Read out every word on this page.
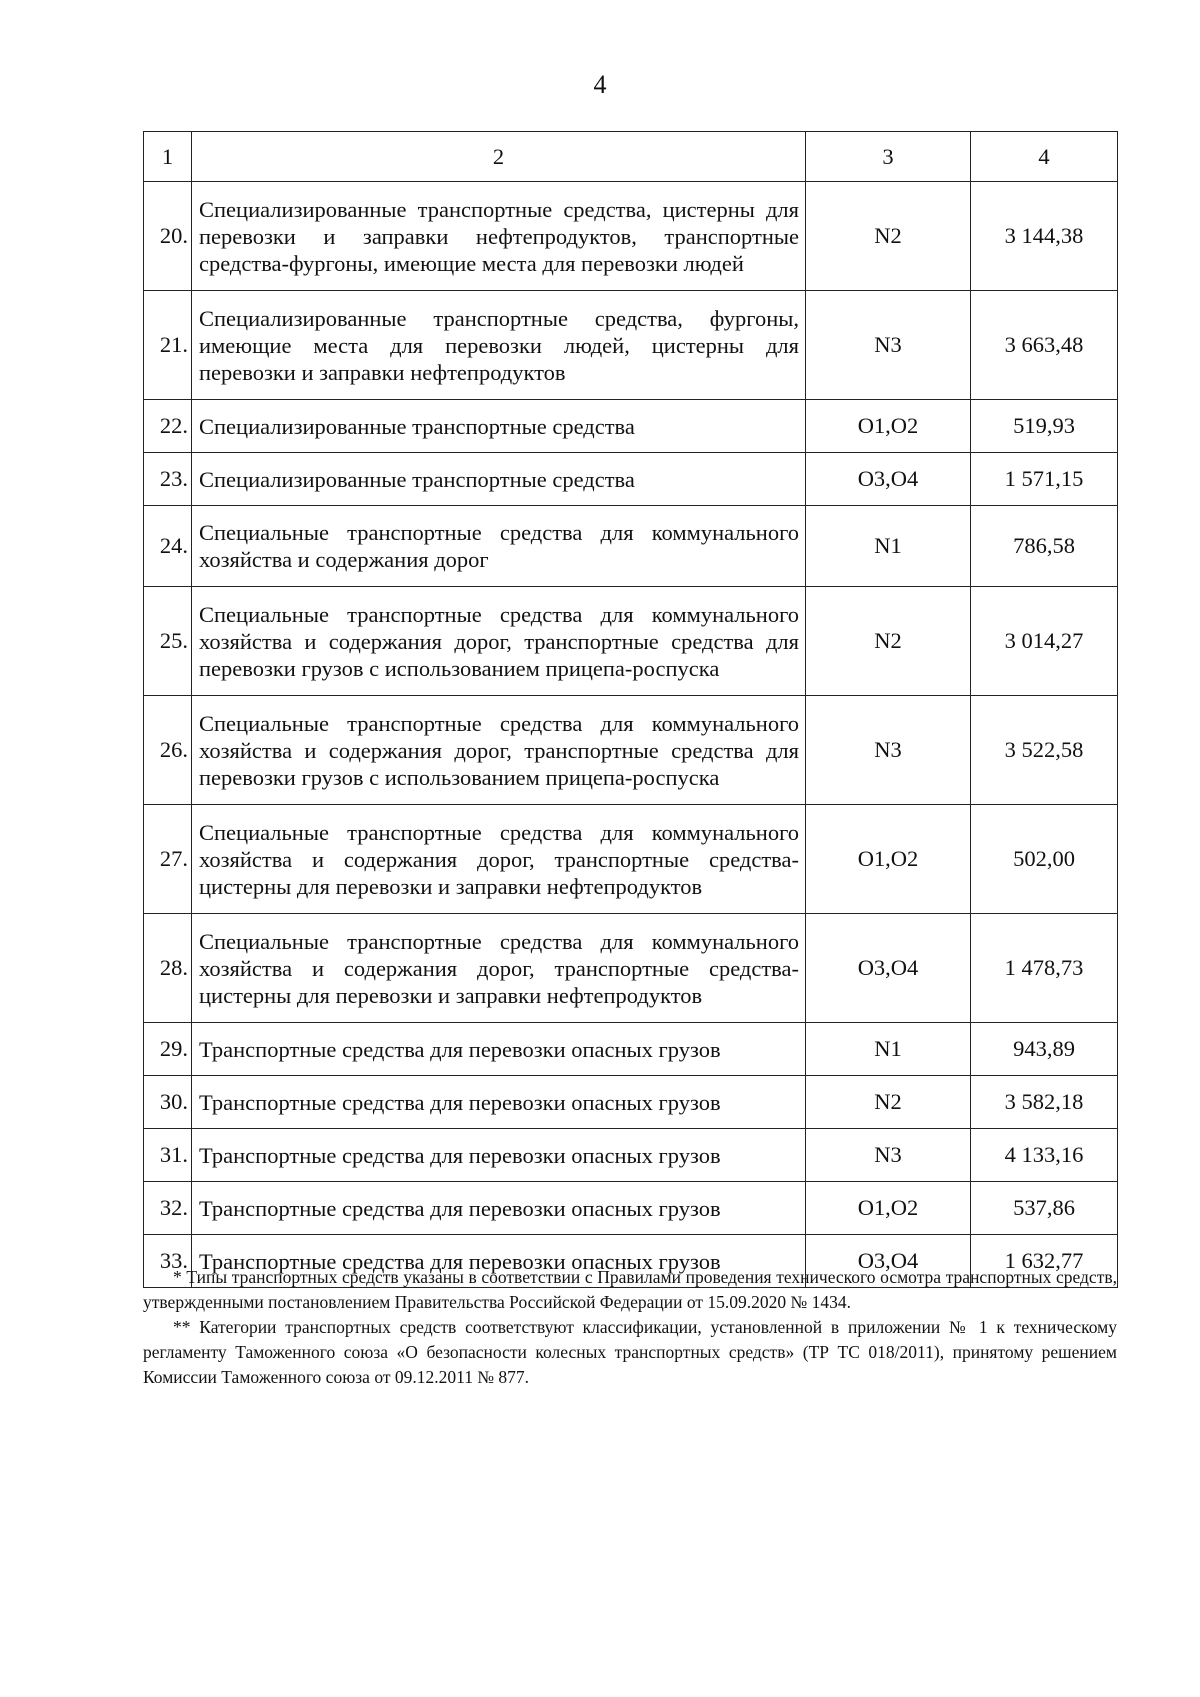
4
1	2	3	4
20.	Специализированные транспортные средства, цистерны для перевозки и заправки нефтепродуктов, транспортные средства-фургоны, имеющие места для перевозки людей	N2	3 144,38
21.	Специализированные транспортные средства, фургоны, имеющие места для перевозки людей, цистерны для перевозки и заправки нефтепродуктов	N3	3 663,48
22.	Специализированные транспортные средства	O1,O2	519,93
23.	Специализированные транспортные средства	O3,O4	1 571,15
24.	Специальные транспортные средства для коммунального хозяйства и содержания дорог	N1	786,58
25.	Специальные транспортные средства для коммунального хозяйства и содержания дорог, транспортные средства для перевозки грузов с использованием прицепа-роспуска	N2	3 014,27
26.	Специальные транспортные средства для коммунального хозяйства и содержания дорог, транспортные средства для перевозки грузов с использованием прицепа-роспуска	N3	3 522,58
27.	Специальные транспортные средства для коммунального хозяйства и содержания дорог, транспортные средства-цистерны для перевозки и заправки нефтепродуктов	O1,O2	502,00
28.	Специальные транспортные средства для коммунального хозяйства и содержания дорог, транспортные средства-цистерны для перевозки и заправки нефтепродуктов	O3,O4	1 478,73
29.	Транспортные средства для перевозки опасных грузов	N1	943,89
30.	Транспортные средства для перевозки опасных грузов	N2	3 582,18
31.	Транспортные средства для перевозки опасных грузов	N3	4 133,16
32.	Транспортные средства для перевозки опасных грузов	O1,O2	537,86
33.	Транспортные средства для перевозки опасных грузов	O3,O4	1 632,77

* Типы транспортных средств указаны в соответствии с Правилами проведения технического осмотра транспортных средств, утвержденными постановлением Правительства Российской Федерации от 15.09.2020 № 1434.

** Категории транспортных средств соответствуют классификации, установленной в приложении № 1 к техническому регламенту Таможенного союза «О безопасности колесных транспортных средств» (ТР ТС 018/2011), принятому решением Комиссии Таможенного союза от 09.12.2011 № 877.
